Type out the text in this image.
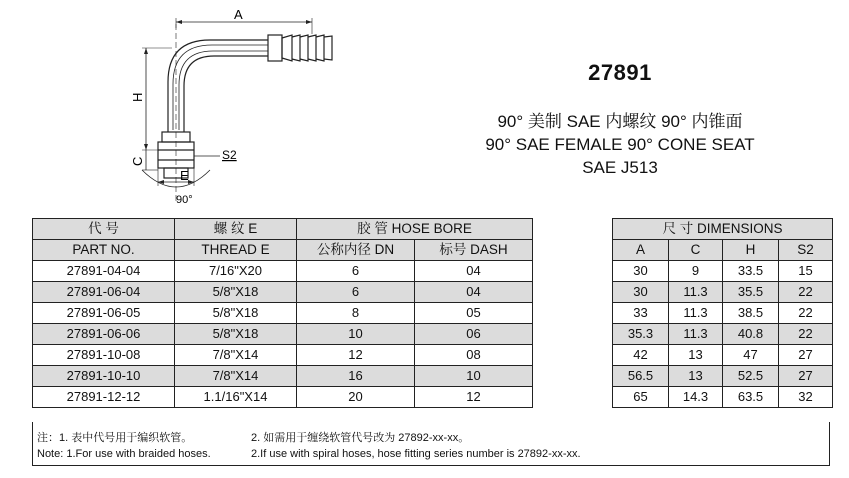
A
H
C
E
S2
90°
27891
90° 美制 SAE 内螺纹 90° 内锥面
90° SAE FEMALE 90° CONE SEAT
SAE J513
代 号	螺 纹 E	胶 管 HOSE BORE			尺 寸 DIMENSIONS			
PART NO.	THREAD E	公称内径 DN	标号 DASH		A	C	H	S2
27891-04-04	7/16"X20	6	04		30	9	33.5	15
27891-06-04	5/8"X18	6	04		30	11.3	35.5	22
27891-06-05	5/8"X18	8	05		33	11.3	38.5	22
27891-06-06	5/8"X18	10	06		35.3	11.3	40.8	22
27891-10-08	7/8"X14	12	08		42	13	47	27
27891-10-10	7/8"X14	16	10		56.5	13	52.5	27
27891-12-12	1.1/16"X14	20	12		65	14.3	63.5	32
注：1. 表中代号用于编织软管。	2. 如需用于缠绕软管代号改为 27892-xx-xx。
Note: 1.For use with braided hoses.	2.If use with spiral hoses, hose fitting series number is 27892-xx-xx.
